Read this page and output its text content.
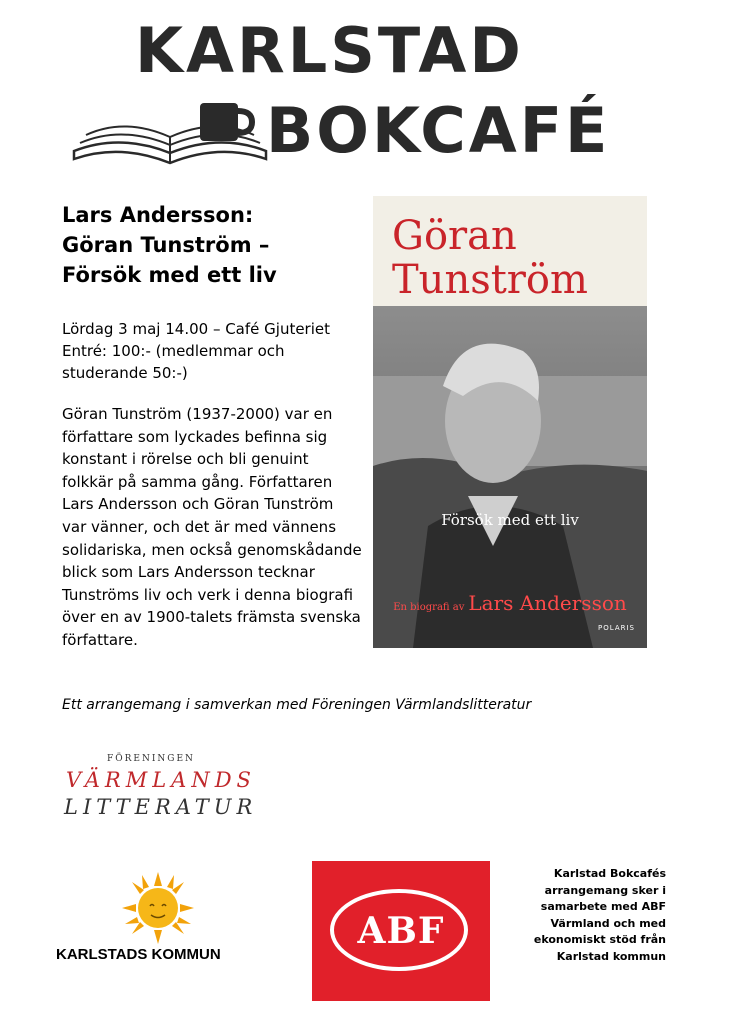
KARLSTAD
BOKCAFÉ
Lars Andersson:
Göran Tunström –
Försök med ett liv
Lördag 3 maj 14.00 – Café Gjuteriet
Entré: 100:- (medlemmar och
studerande 50:-)
Göran Tunström (1937-2000) var en
författare som lyckades befinna sig
konstant i rörelse och bli genuint
folkkär på samma gång. Författaren
Lars Andersson och Göran Tunström
var vänner, och det är med vännens
solidariska, men också genomskådande
blick som Lars Andersson tecknar
Tunströms liv och verk i denna biografi
över en av 1900-talets främsta svenska
författare.
Göran
Tunström
Försök med ett liv
En biografi av Lars Andersson
POLARIS
Ett arrangemang i samverkan med Föreningen Värmlandslitteratur
FÖRENINGEN
VÄRMLANDS
LITTERATUR
KARLSTADS KOMMUN
ABF
Karlstad Bokcafés
arrangemang sker i
samarbete med ABF
Värmland och med
ekonomiskt stöd från
Karlstad kommun
